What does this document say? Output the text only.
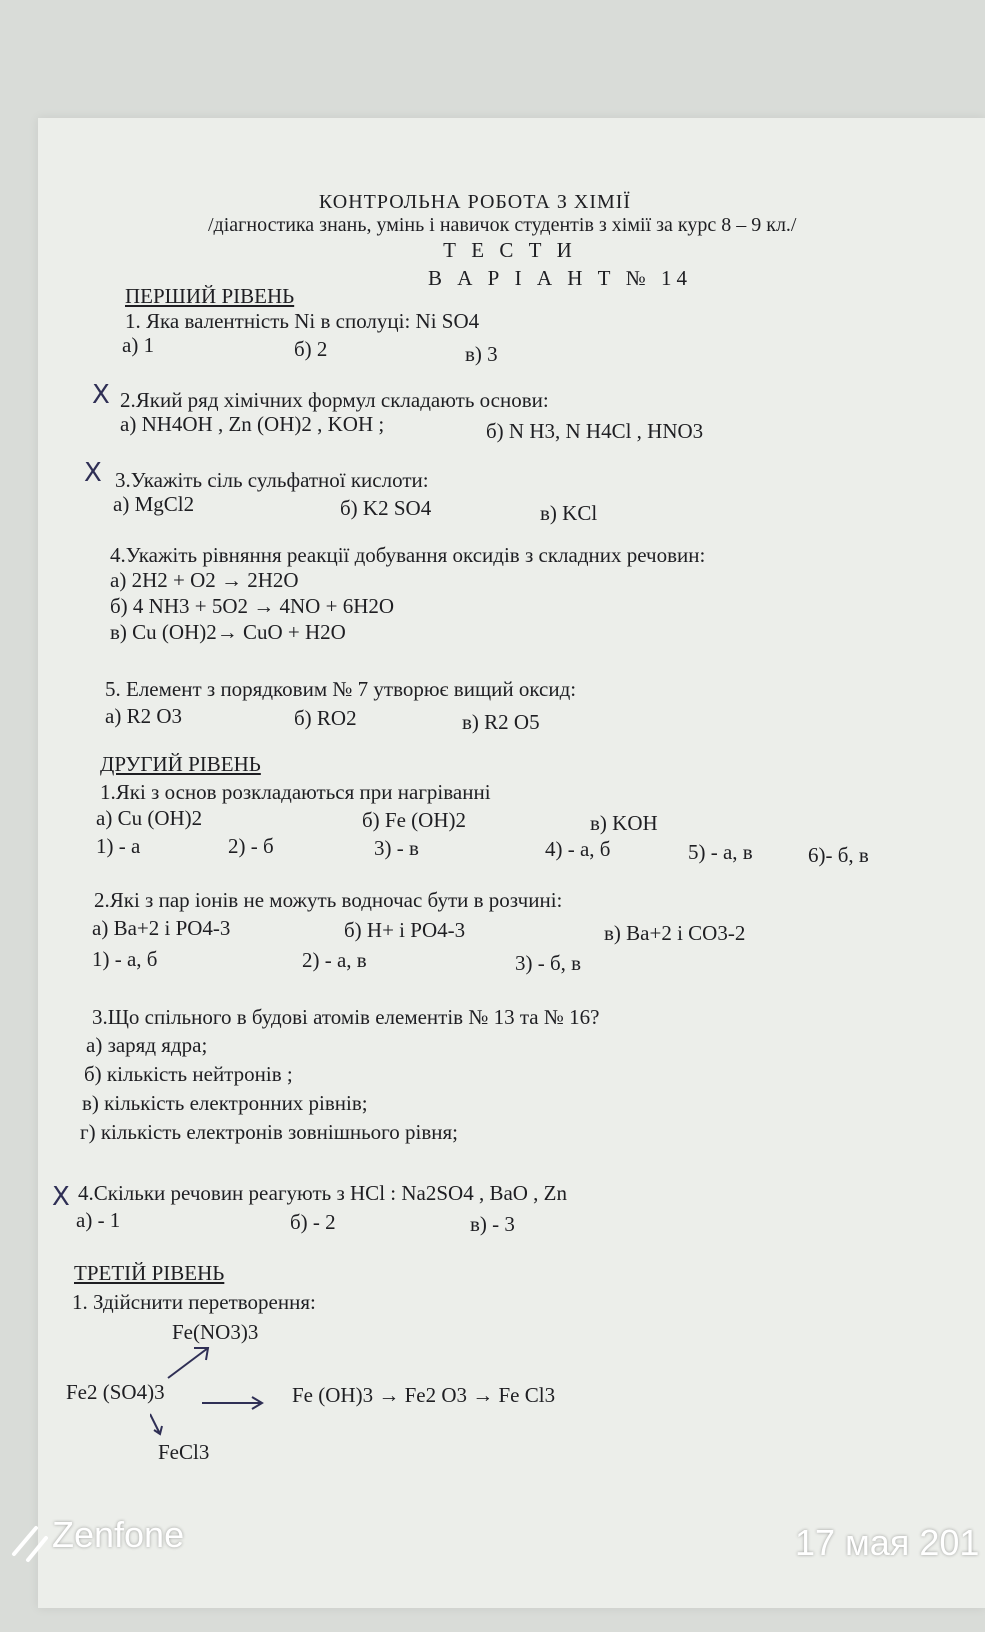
КОНТРОЛЬНА РОБОТА З ХІМІЇ
/діагностика знань, умінь і навичок студентів з хімії за курс 8 – 9 кл./
Т Е С Т И
В А Р І А Н Т № 14
ПЕРШИЙ РІВЕНЬ
1. Яка валентність Ni в сполуці: Ni SO4
а) 1	б) 2	в) 3
X 2.Який ряд хімічних формул складають основи:
а) NH4OH , Zn (OH)2 , KOH ;	б) N H3, N H4Cl , HNO3
X 3.Укажіть сіль сульфатної кислоти:
а) MgCl2	б) K2 SO4	в) KCl
4.Укажіть рівняння реакції добування оксидів з складних речовин:
а) 2H2 + O2 → 2H2O
б) 4 NH3 + 5O2 → 4NO + 6H2O
в) Cu (OH)2→ CuO + H2O
5. Елемент з порядковим № 7 утворює вищий оксид:
а) R2 O3	б) RO2	в) R2 O5
ДРУГИЙ РІВЕНЬ
1.Які з основ розкладаються при нагріванні
а) Cu (OH)2	б) Fe (OH)2	в) KOH
1) - а	2) - б	3) - в	4) - а, б	5) - а, в	6)- б, в
2.Які з пар іонів не можуть водночас бути в розчині:
а) Ba+2 і PO4-3	б) H+ і PO4-3	в) Ba+2 і CO3-2
1) - а, б	2) - а, в	3) - б, в
3.Що спільного в будові атомів елементів № 13 та № 16?
а) заряд ядра;
б) кількість нейтронів ;
в) кількість електронних рівнів;
г) кількість електронів зовнішнього рівня;
X 4.Скільки речовин реагують з HCl : Na2SO4 , BaO , Zn
а) - 1	б) - 2	в) - 3
ТРЕТІЙ РІВЕНЬ
1. Здійснити перетворення:
Fe(NO3)3
Fe2 (SO4)3	Fe (OH)3 → Fe2 O3 → Fe Cl3
FeCl3
Zenfone	17 мая 201
